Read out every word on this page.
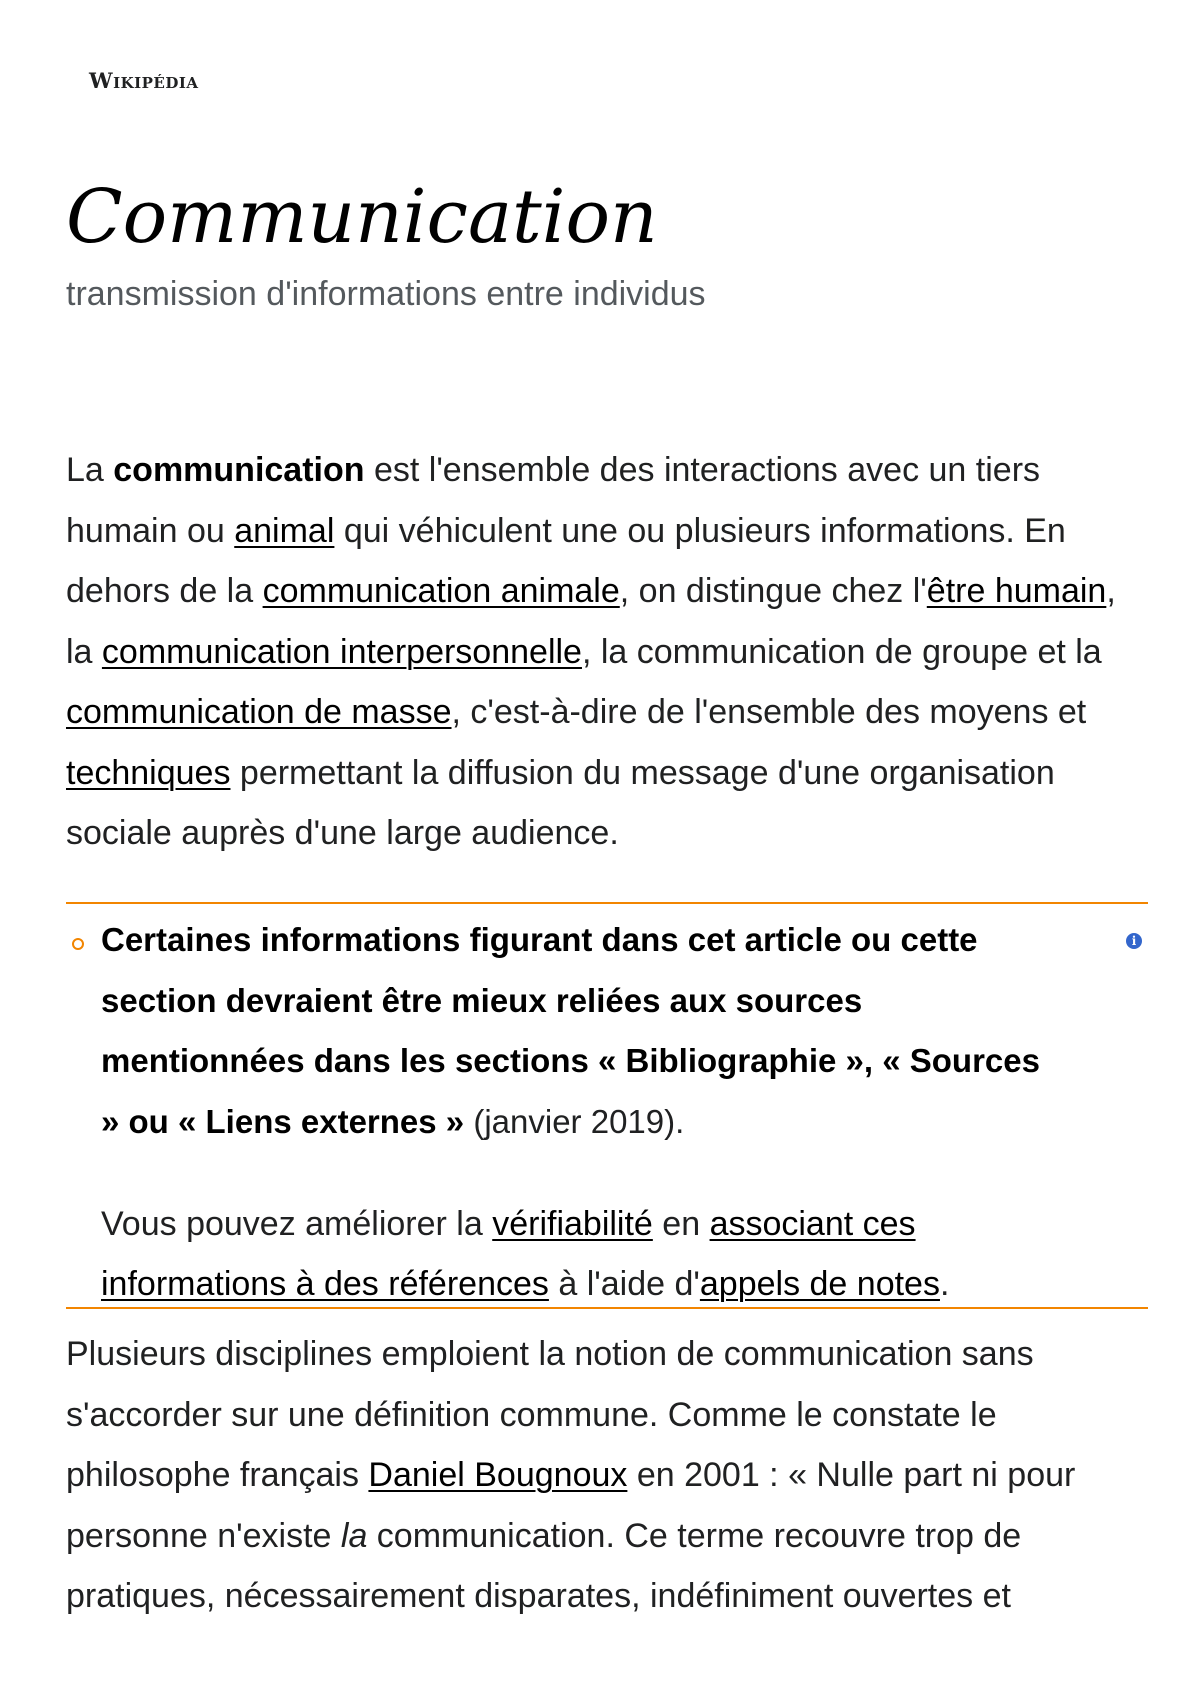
Wikipédia
Communication
transmission d'informations entre individus

La communication est l'ensemble des interactions avec un tiers humain ou animal qui véhiculent une ou plusieurs informations. En dehors de la communication animale, on distingue chez l'être humain, la communication interpersonnelle, la communication de groupe et la communication de masse, c'est-à-dire de l'ensemble des moyens et techniques permettant la diffusion du message d'une organisation sociale auprès d'une large audience.

i

Certaines informations figurant dans cet article ou cette section devraient être mieux reliées aux sources mentionnées dans les sections « Bibliographie », « Sources » ou « Liens externes » (janvier 2019).

Vous pouvez améliorer la vérifiabilité en associant ces informations à des références à l'aide d'appels de notes.

Plusieurs disciplines emploient la notion de communication sans s'accorder sur une définition commune. Comme le constate le philosophe français Daniel Bougnoux en 2001 : « Nulle part ni pour personne n'existe la communication. Ce terme recouvre trop de pratiques, nécessairement disparates, indéfiniment ouvertes et
